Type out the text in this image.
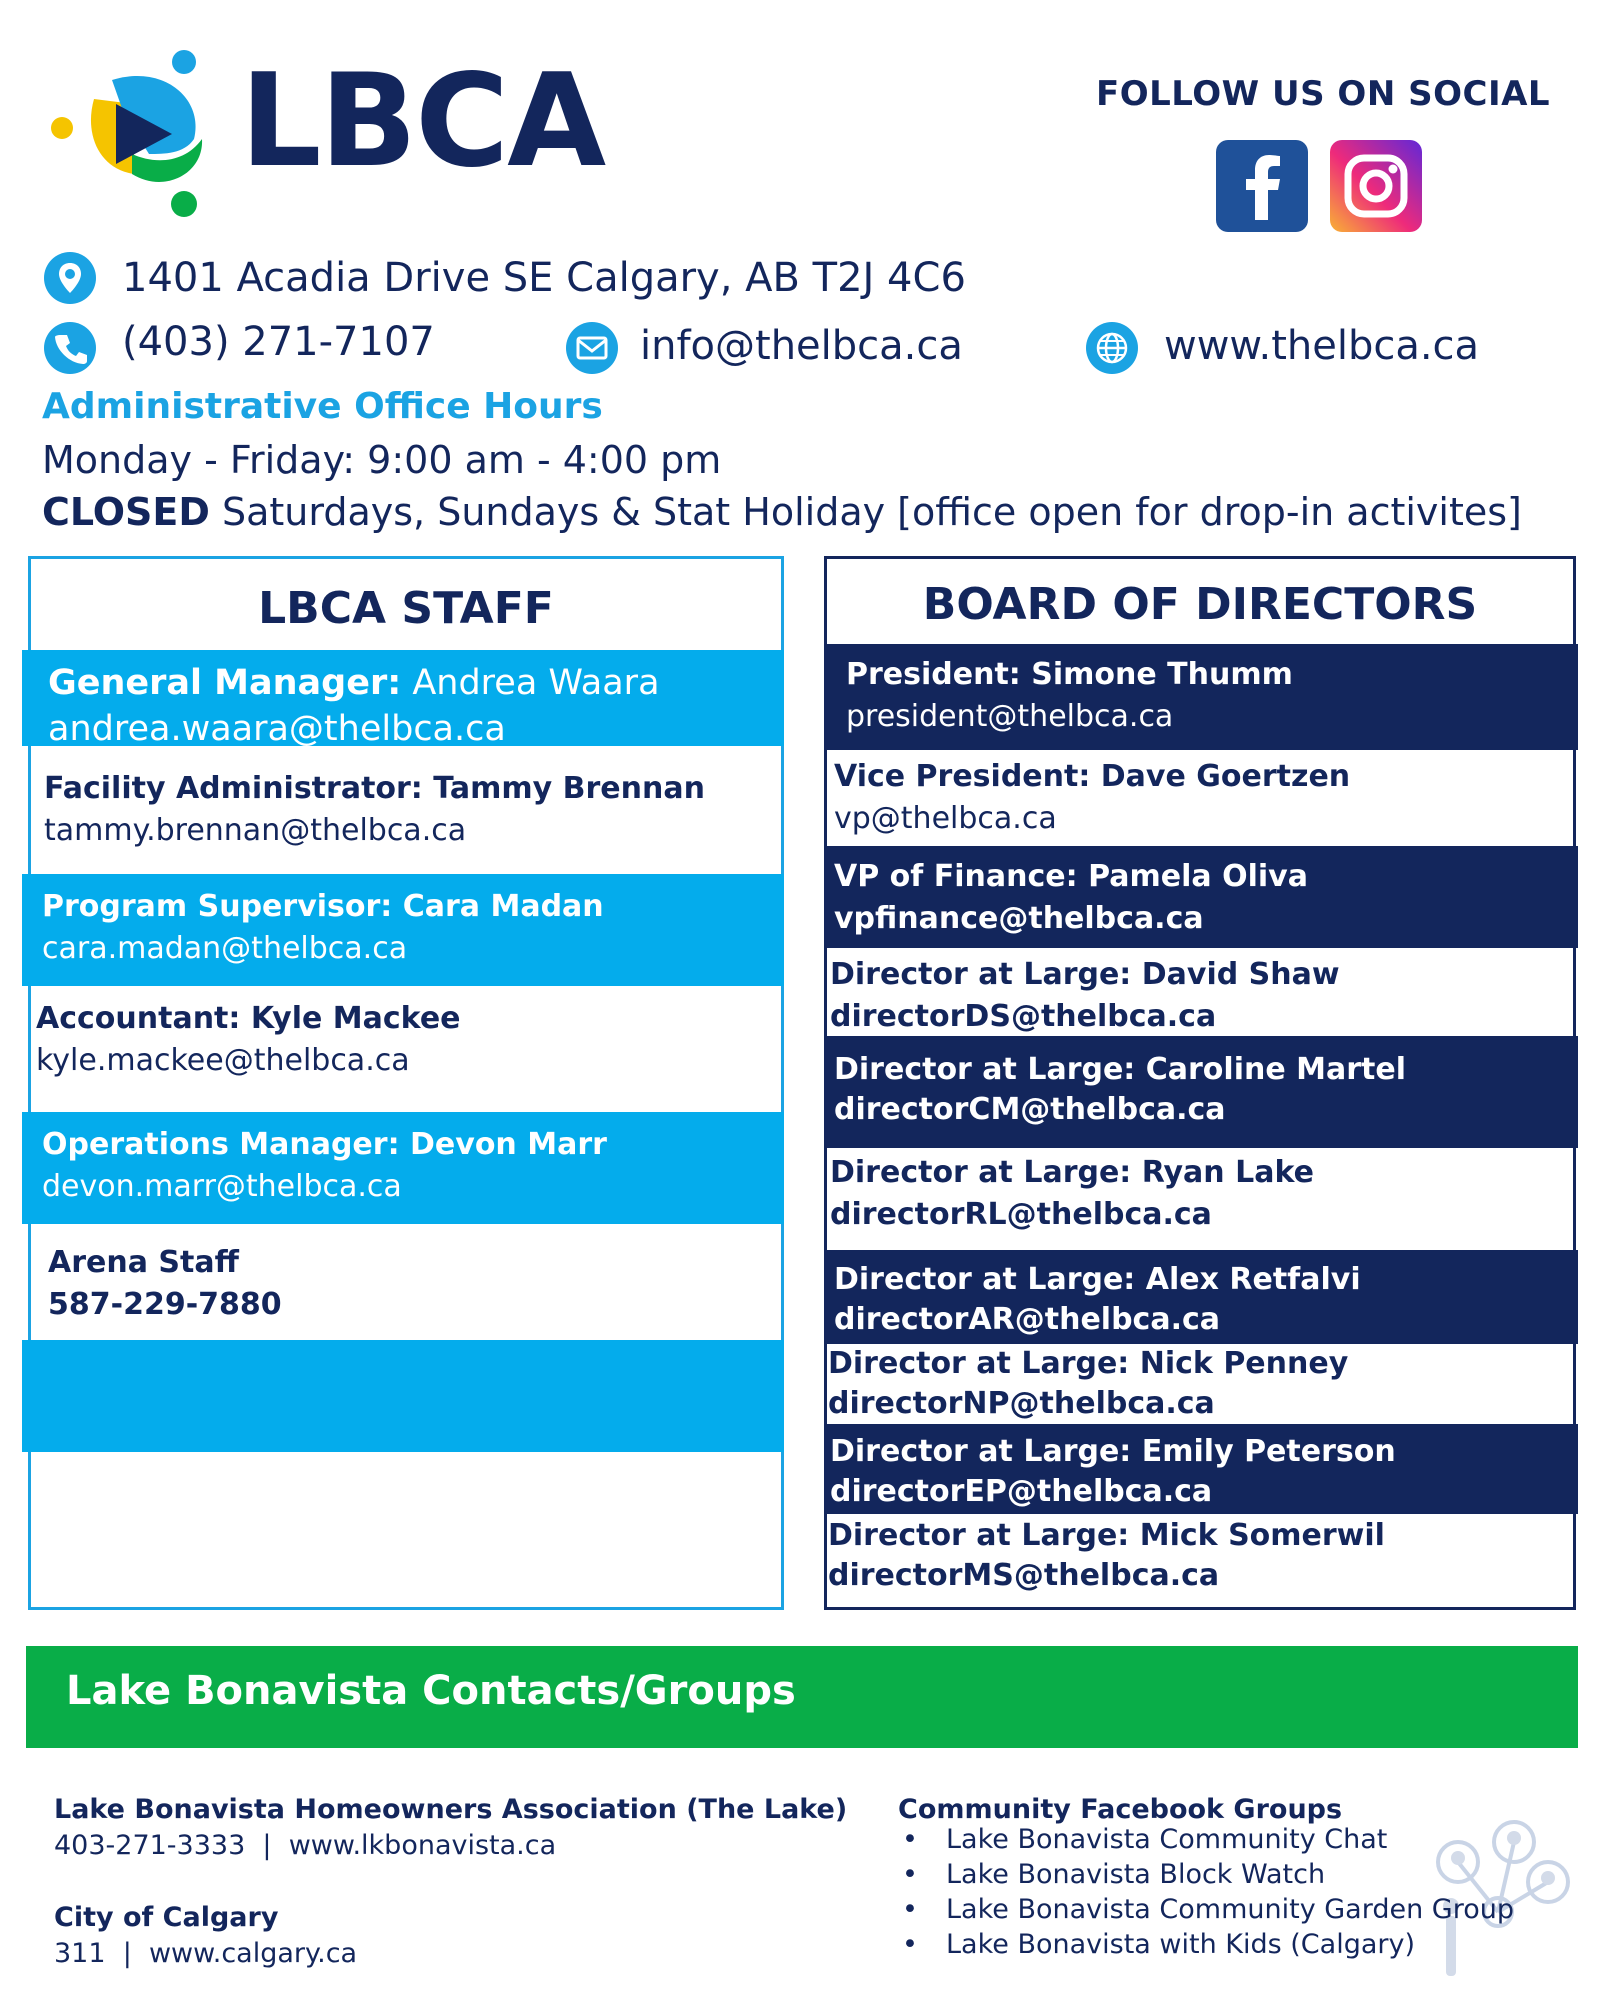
LBCA	FOLLOW US ON SOCIAL
1401 Acadia Drive SE Calgary, AB T2J 4C6
(403) 271-7107	info@thelbca.ca	www.thelbca.ca
Administrative Office Hours
Monday - Friday: 9:00 am - 4:00 pm
CLOSED Saturdays, Sundays & Stat Holiday [office open for drop-in activites]
LBCA STAFF
General Manager: Andrea Waara
andrea.waara@thelbca.ca
Facility Administrator: Tammy Brennan
tammy.brennan@thelbca.ca
Program Supervisor: Cara Madan
cara.madan@thelbca.ca
Accountant: Kyle Mackee
kyle.mackee@thelbca.ca
Operations Manager: Devon Marr
devon.marr@thelbca.ca
Arena Staff
587-229-7880
BOARD OF DIRECTORS
President: Simone Thumm
president@thelbca.ca
Vice President: Dave Goertzen
vp@thelbca.ca
VP of Finance: Pamela Oliva
vpfinance@thelbca.ca
Director at Large: David Shaw
directorDS@thelbca.ca
Director at Large: Caroline Martel
directorCM@thelbca.ca
Director at Large: Ryan Lake
directorRL@thelbca.ca
Director at Large: Alex Retfalvi
directorAR@thelbca.ca
Director at Large: Nick Penney
directorNP@thelbca.ca
Director at Large: Emily Peterson
directorEP@thelbca.ca
Director at Large: Mick Somerwil
directorMS@thelbca.ca
Lake Bonavista Contacts/Groups
Lake Bonavista Homeowners Association (The Lake)
403-271-3333  |  www.lkbonavista.ca
City of Calgary
311  |  www.calgary.ca
Community Facebook Groups
• Lake Bonavista Community Chat
• Lake Bonavista Block Watch
• Lake Bonavista Community Garden Group
• Lake Bonavista with Kids (Calgary)
